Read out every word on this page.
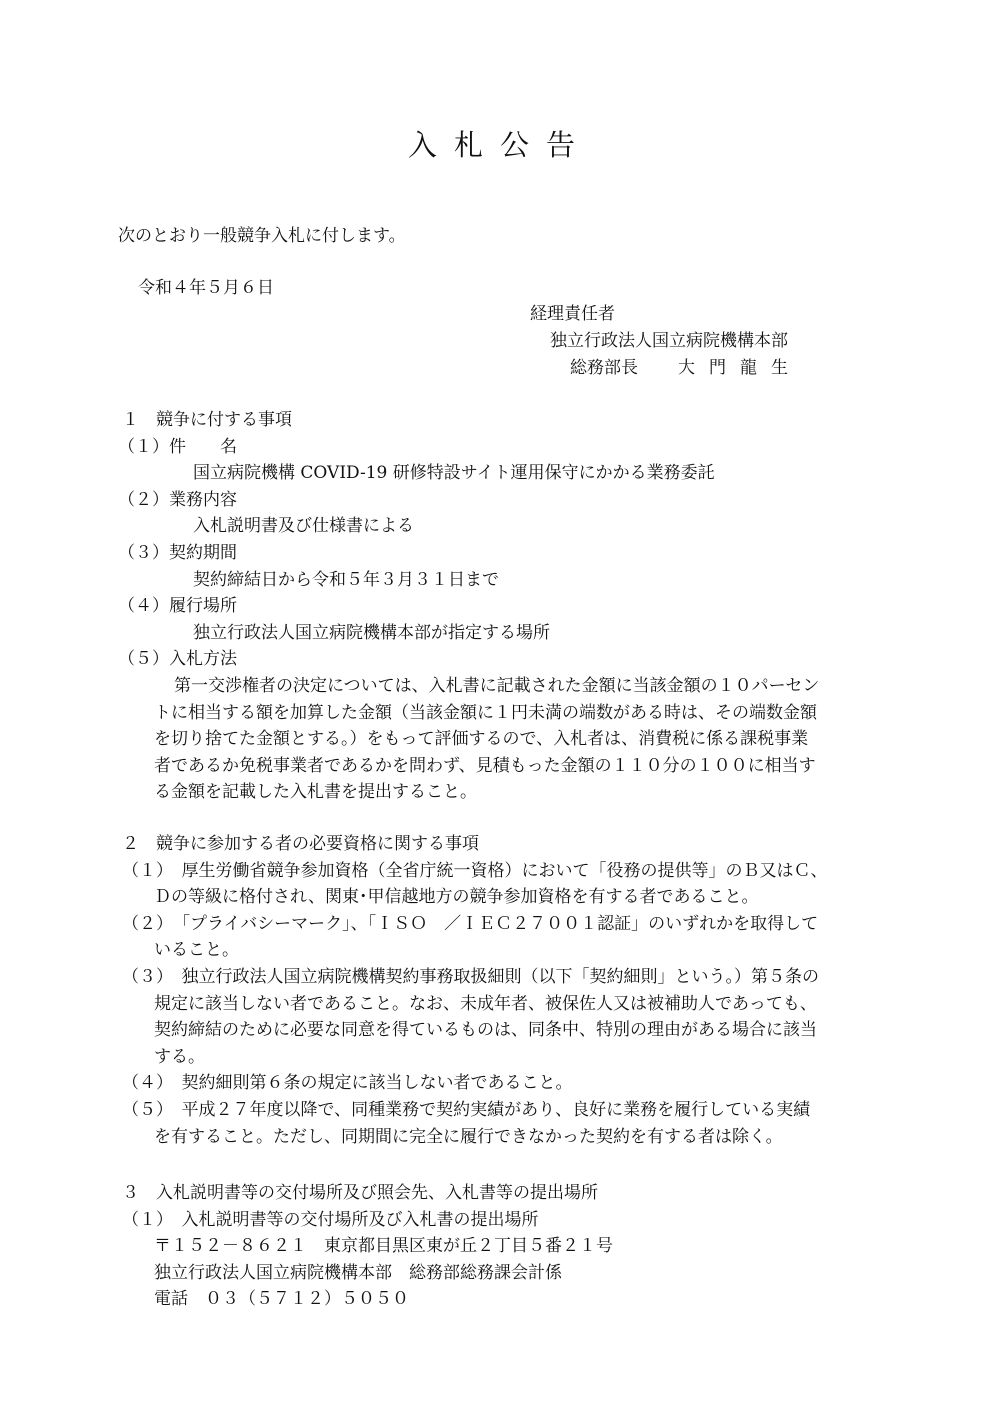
入札公告
次のとおり一般競争入札に付します。
令和４年５月６日
経理責任者
独立行政法人国立病院機構本部
総務部長 大門龍生
１　競争に付する事項
（１）件　　名
国立病院機構 COVID-19 研修特設サイト運用保守にかかる業務委託
（２）業務内容
入札説明書及び仕様書による
（３）契約期間
契約締結日から令和５年３月３１日まで
（４）履行場所
独立行政法人国立病院機構本部が指定する場所
（５）入札方法
第一交渉権者の決定については、入札書に記載された金額に当該金額の１０パーセン
トに相当する額を加算した金額（当該金額に１円未満の端数がある時は、その端数金額
を切り捨てた金額とする。）をもって評価するので、入札者は、消費税に係る課税事業
者であるか免税事業者であるかを問わず、見積もった金額の１１０分の１００に相当す
る金額を記載した入札書を提出すること。
２　競争に参加する者の必要資格に関する事項
（１）　厚生労働省競争参加資格（全省庁統一資格）において「役務の提供等」のＢ又はＣ、
Ｄの等級に格付され、関東･甲信越地方の競争参加資格を有する者であること。
（２）　「プライバシーマーク」、「ＩＳＯ　／ＩＥＣ２７００１認証」のいずれかを取得して
いること。
（３）　独立行政法人国立病院機構契約事務取扱細則（以下「契約細則」という。）第５条の
規定に該当しない者であること。なお、未成年者、被保佐人又は被補助人であっても、
契約締結のために必要な同意を得ているものは、同条中、特別の理由がある場合に該当
する。
（４）　契約細則第６条の規定に該当しない者であること。
（５）　平成２７年度以降で、同種業務で契約実績があり、良好に業務を履行している実績
を有すること。ただし、同期間に完全に履行できなかった契約を有する者は除く。
３　入札説明書等の交付場所及び照会先、入札書等の提出場所
（１）　入札説明書等の交付場所及び入札書の提出場所
〒１５２－８６２１　東京都目黒区東が丘２丁目５番２１号
独立行政法人国立病院機構本部　総務部総務課会計係
電話　０３（５７１２）５０５０
